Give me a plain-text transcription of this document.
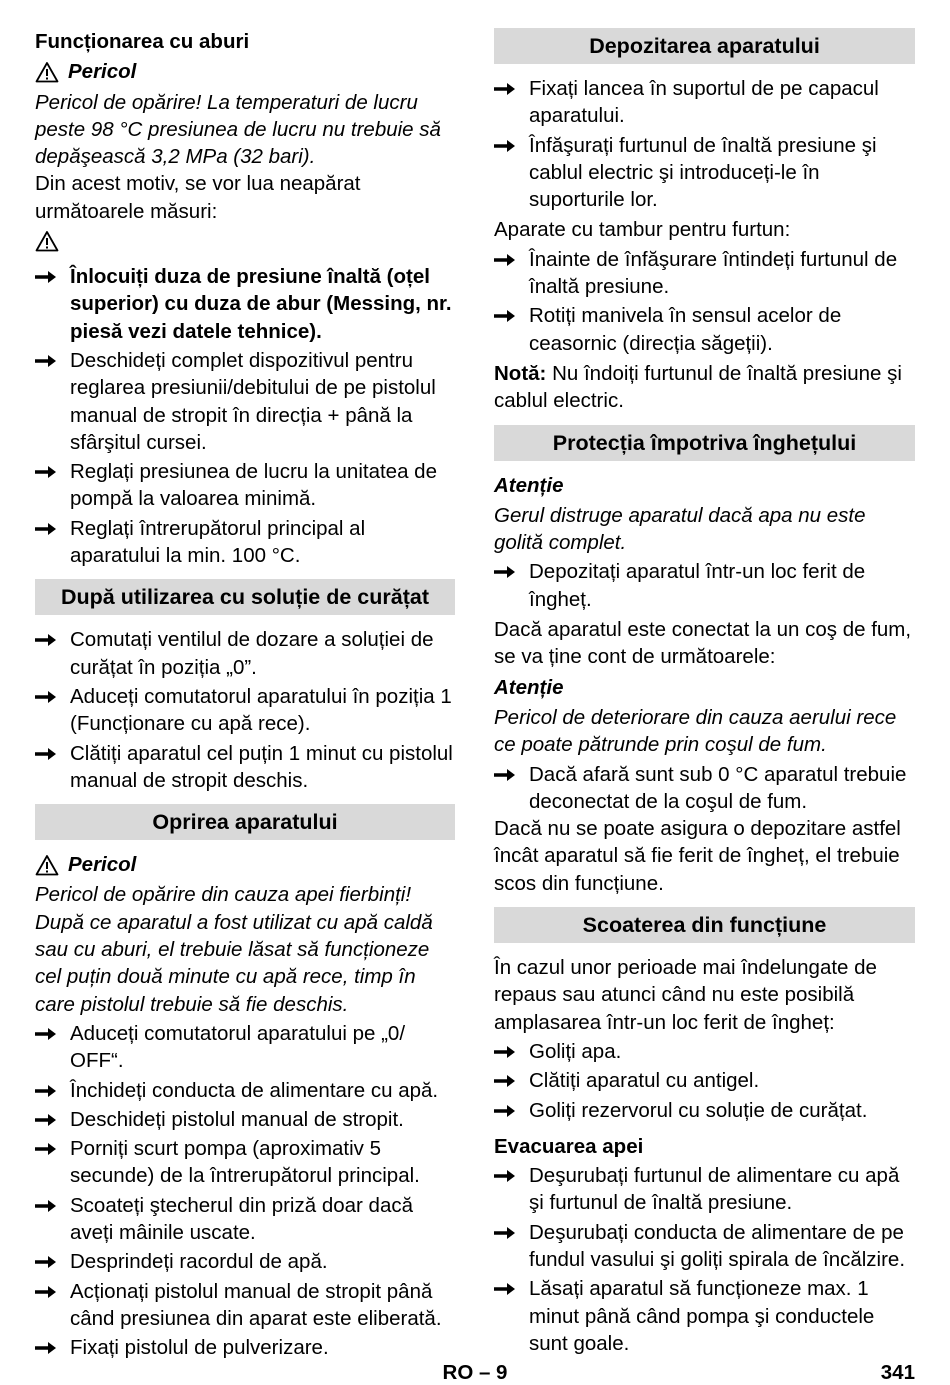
Funcționarea cu aburi

Pericol

Pericol de opărire! La temperaturi de lucru peste 98 °C presiunea de lucru nu trebuie să depăşească 3,2 MPa (32 bari).

Din acest motiv, se vor lua neapărat următoarele măsuri:

Înlocuiți duza de presiune înaltă (oțel superior) cu duza de abur (Messing, nr. piesă vezi datele tehnice).
Deschideți complet dispozitivul pentru reglarea presiunii/debitului de pe pistolul manual de stropit în direcția + până la sfârşitul cursei.
Reglați presiunea de lucru la unitatea de pompă la valoarea minimă.
Reglați întrerupătorul principal al aparatului la min. 100 °C.
După utilizarea cu soluție de curățat
Comutați ventilul de dozare a soluției de curățat în poziția „0”.
Aduceți comutatorul aparatului în poziția 1 (Funcționare cu apă rece).
Clătiți aparatul cel puțin 1 minut cu pistolul manual de stropit deschis.
Oprirea aparatului
Pericol

Pericol de opărire din cauza apei fierbinți! După ce aparatul a fost utilizat cu apă caldă sau cu aburi, el trebuie lăsat să funcționeze cel puțin două minute cu apă rece, timp în care pistolul trebuie să fie deschis.

Aduceți comutatorul aparatului pe „0/ OFF“.
Închideți conducta de alimentare cu apă.
Deschideți pistolul manual de stropit.
Porniți scurt pompa (aproximativ 5 secunde) de la întrerupătorul principal.
Scoateți ştecherul din priză doar dacă aveți mâinile uscate.
Desprindeți racordul de apă.
Acționați pistolul manual de stropit până când presiunea din aparat este eliberată.
Fixați pistolul de pulverizare.
Depozitarea aparatului
Fixați lancea în suportul de pe capacul aparatului.
Înfăşurați furtunul de înaltă presiune şi cablul electric şi introduceți-le în suporturile lor.

Aparate cu tambur pentru furtun:

Înainte de înfăşurare întindeți furtunul de înaltă presiune.
Rotiți manivela în sensul acelor de ceasornic (direcția săgeții).

Notă: Nu îndoiți furtunul de înaltă presiune şi cablul electric.

Protecția împotriva înghețului

Atenție

Gerul distruge aparatul dacă apa nu este golită complet.

Depozitați aparatul într-un loc ferit de îngheț.

Dacă aparatul este conectat la un coş de fum, se va ține cont de următoarele:

Atenție

Pericol de deteriorare din cauza aerului rece ce poate pătrunde prin coşul de fum.

Dacă afară sunt sub 0 °C aparatul trebuie deconectat de la coşul de fum.

Dacă nu se poate asigura o depozitare astfel încât aparatul să fie ferit de îngheț, el trebuie scos din funcțiune.

Scoaterea din funcțiune

În cazul unor perioade mai îndelungate de repaus sau atunci când nu este posibilă amplasarea într-un loc ferit de îngheț:

Goliți apa.
Clătiți aparatul cu antigel.
Goliți rezervorul cu soluție de curățat.

Evacuarea apei

Deşurubați furtunul de alimentare cu apă şi furtunul de înaltă presiune.
Deşurubați conducta de alimentare de pe fundul vasului şi goliți spirala de încălzire.
Lăsați aparatul să funcționeze max. 1 minut până când pompa şi conductele sunt goale.
RO – 9	341
